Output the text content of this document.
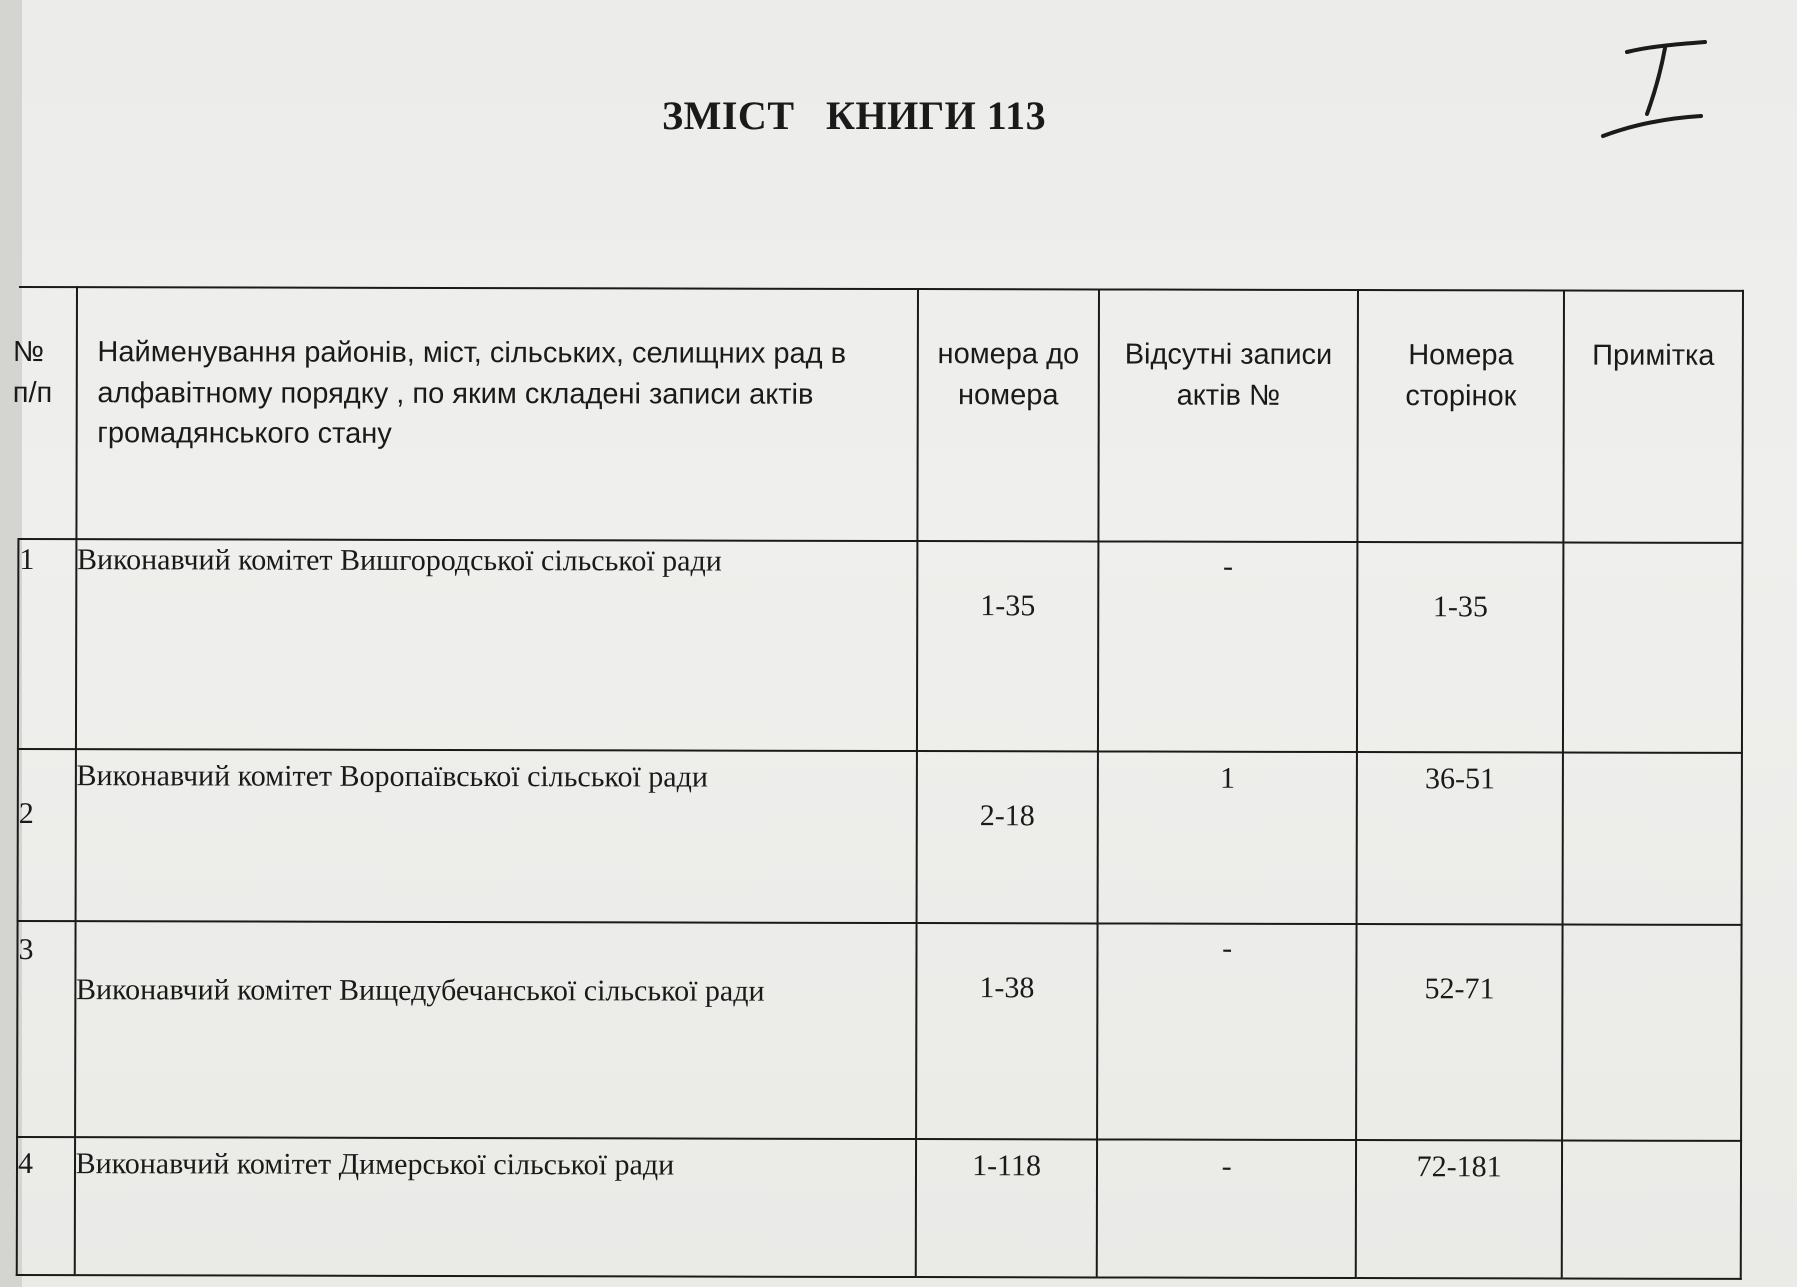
ЗМІСТ   КНИГИ 113
№
п/п	Найменування районів, міст, сільських, селищних рад в алфавітному порядку , по яким складені записи актів громадянського стану	номера до номера	Відсутні записи актів №	Номера сторінок	Примітка
1	Виконавчий комітет Вишгородської сільської ради	1-35	-	1-35	
2	Виконавчий комітет Воропаївської сільської ради	2-18	1	36-51	
3	Виконавчий комітет Вищедубечанської сільської ради	1-38	-	52-71	
4	Виконавчий комітет Димерської сільської ради	1-118	-	72-181	
